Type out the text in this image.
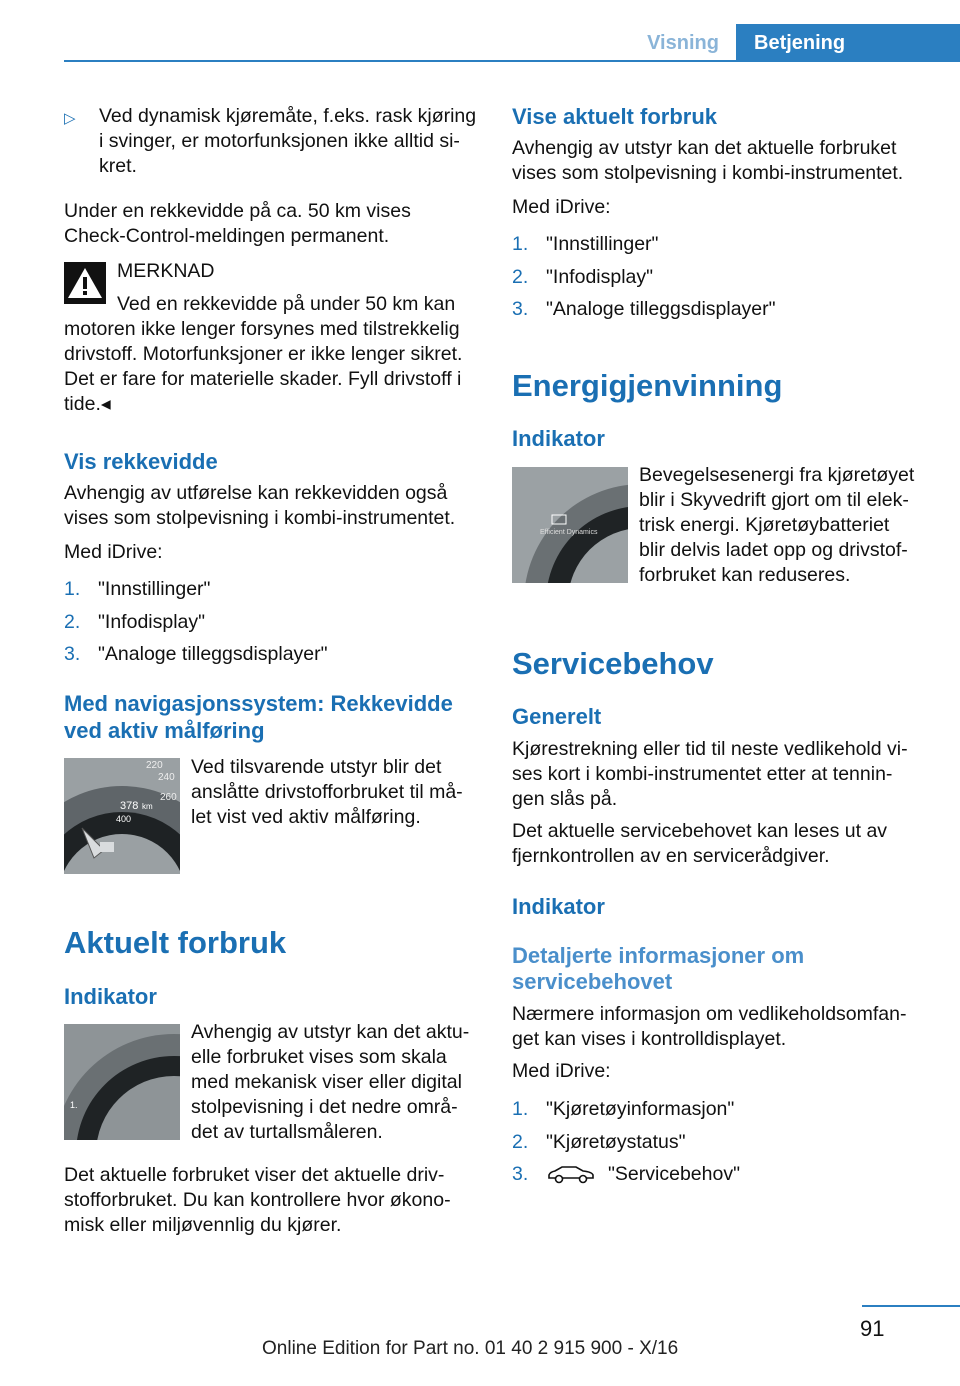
Visning	Betjening
▷ Ved dynamisk kjøremåte, f.eks. rask kjøring

i svinger, er motorfunksjonen ikke alltid si-

kret.

Under en rekkevidde på ca. 50 km vises

Check-Control-meldingen permanent.

MERKNAD

Ved en rekkevidde på under 50 km kan

motoren ikke lenger forsynes med tilstrekkelig

drivstoff. Motorfunksjoner er ikke lenger sikret.

Det er fare for materielle skader. Fyll drivstoff i

tide.◂

Vis rekkevidde

Avhengig av utførelse kan rekkevidden også

vises som stolpevisning i kombi-instrumentet.

Med iDrive:

1. "Innstillinger"
2. "Infodisplay"
3. "Analoge tilleggsdisplayer"

Med navigasjonssystem: Rekkevidde

ved aktiv målføring

220
240
260
378 km
400

Ved tilsvarende utstyr blir det

anslåtte drivstofforbruket til må-

let vist ved aktiv målføring.

Aktuelt forbruk

Indikator

1.

Avhengig av utstyr kan det aktu-

elle forbruket vises som skala

med mekanisk viser eller digital

stolpevisning i det nedre områ-

det av turtallsmåleren.

Det aktuelle forbruket viser det aktuelle driv-

stofforbruket. Du kan kontrollere hvor økono-

misk eller miljøvennlig du kjører.

Vise aktuelt forbruk

Avhengig av utstyr kan det aktuelle forbruket

vises som stolpevisning i kombi-instrumentet.

Med iDrive:

1. "Innstillinger"
2. "Infodisplay"
3. "Analoge tilleggsdisplayer"

Energigjenvinning

Indikator

Efficient Dynamics

Bevegelsesenergi fra kjøretøyet

blir i Skyvedrift gjort om til elek-

trisk energi. Kjøretøybatteriet

blir delvis ladet opp og drivstof-

forbruket kan reduseres.

Servicebehov

Generelt

Kjørestrekning eller tid til neste vedlikehold vi-

ses kort i kombi-instrumentet etter at tennin-

gen slås på.

Det aktuelle servicebehovet kan leses ut av

fjernkontrollen av en servicerådgiver.

Indikator

Detaljerte informasjoner om

servicebehovet

Nærmere informasjon om vedlikeholdsomfan-

get kan vises i kontrolldisplayet.

Med iDrive:

1. "Kjøretøyinformasjon"
2. "Kjøretøystatus"
3.	"Servicebehov"
91
Online Edition for Part no. 01 40 2 915 900 - X/16
